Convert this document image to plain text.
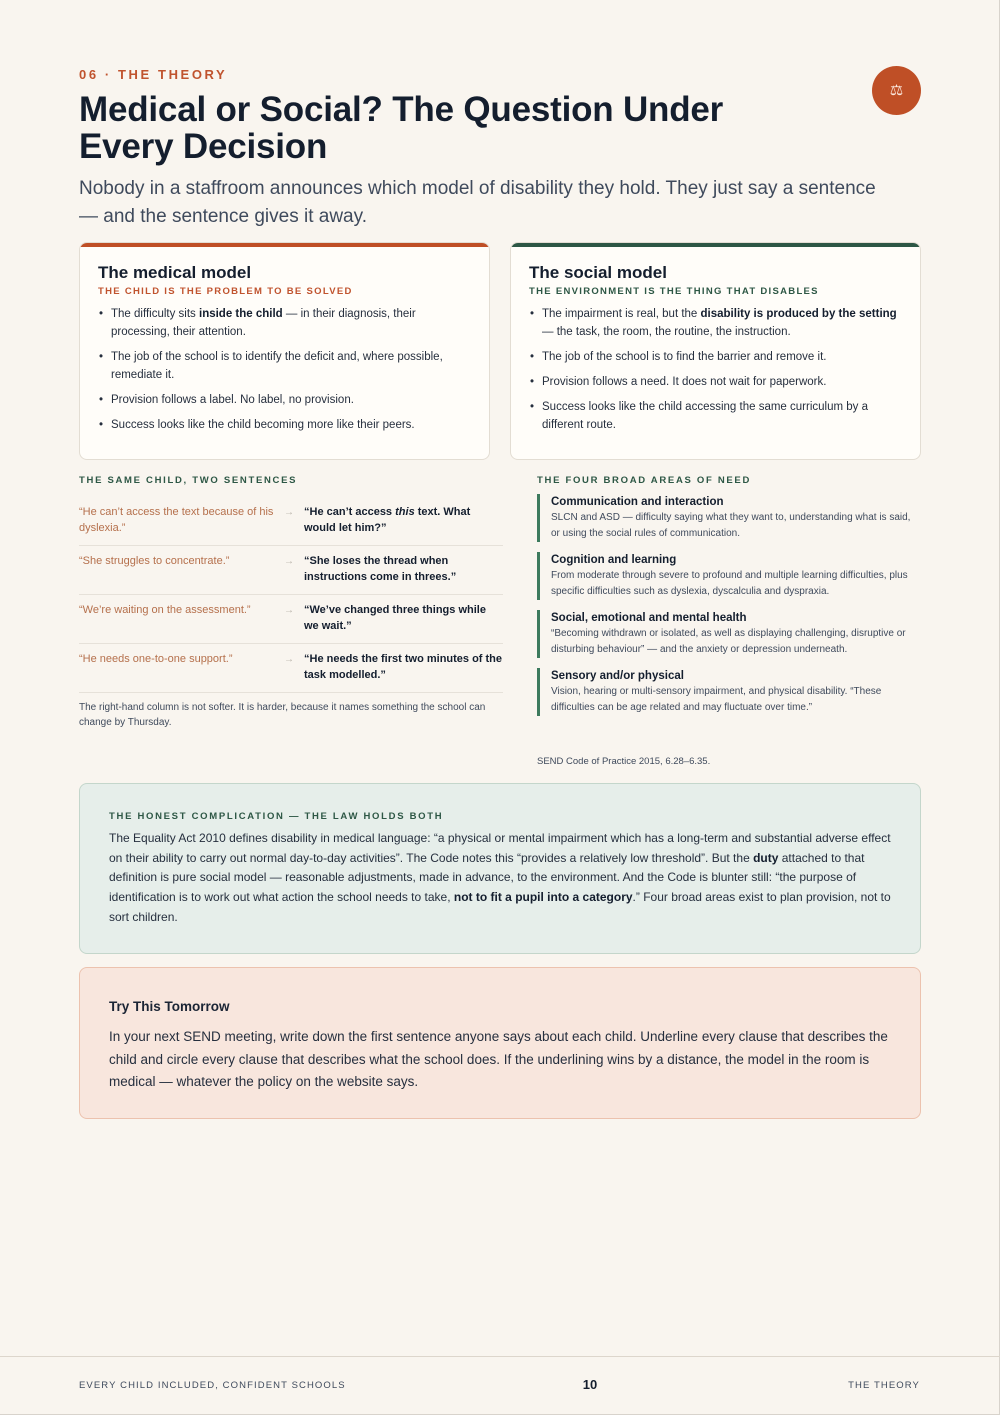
06 · THE THEORY
⚖
Medical or Social? The Question Under Every Decision

Nobody in a staffroom announces which model of disability they hold. They just say a sentence — and the sentence gives it away.

The medical model
THE CHILD IS THE PROBLEM TO BE SOLVED
• The difficulty sits inside the child — in their diagnosis, their processing, their attention.
• The job of the school is to identify the deficit and, where possible, remediate it.
• Provision follows a label. No label, no provision.
• Success looks like the child becoming more like their peers.
The social model
THE ENVIRONMENT IS THE THING THAT DISABLES
• The impairment is real, but the disability is produced by the setting — the task, the room, the routine, the instruction.
• The job of the school is to find the barrier and remove it.
• Provision follows a need. It does not wait for paperwork.
• Success looks like the child accessing the same curriculum by a different route.
THE SAME CHILD, TWO SENTENCES
“He can’t access the text because of his dyslexia.”
→ “He can’t access this text. What would let him?”
“She struggles to concentrate.”	→ “She loses the thread when instructions come in threes.”
“We’re waiting on the assessment.”	→ “We’ve changed three things while we wait.”
“He needs one-to-one support.”	→ “He needs the first two minutes of the task modelled.”

The right-hand column is not softer. It is harder, because it names something the school can change by Thursday.

THE FOUR BROAD AREAS OF NEED
Communication and interaction
SLCN and ASD — difficulty saying what they want to, understanding what is said, or using the social rules of communication.
Cognition and learning
From moderate through severe to profound and multiple learning difficulties, plus specific difficulties such as dyslexia, dyscalculia and dyspraxia.
Social, emotional and mental health
“Becoming withdrawn or isolated, as well as displaying challenging, disruptive or disturbing behaviour” — and the anxiety or depression underneath.
Sensory and/or physical
Vision, hearing or multi-sensory impairment, and physical disability. “These difficulties can be age related and may fluctuate over time.”
SEND Code of Practice 2015, 6.28–6.35.
THE HONEST COMPLICATION — THE LAW HOLDS BOTH

The Equality Act 2010 defines disability in medical language: “a physical or mental impairment which has a long-term and substantial adverse effect on their ability to carry out normal day-to-day activities”. The Code notes this “provides a relatively low threshold”. But the duty attached to that definition is pure social model — reasonable adjustments, made in advance, to the environment. And the Code is blunter still: “the purpose of identification is to work out what action the school needs to take, not to fit a pupil into a category.” Four broad areas exist to plan provision, not to sort children.

Try This Tomorrow

In your next SEND meeting, write down the first sentence anyone says about each child. Underline every clause that describes the child and circle every clause that describes what the school does. If the underlining wins by a distance, the model in the room is medical — whatever the policy on the website says.

EVERY CHILD INCLUDED, CONFIDENT SCHOOLS	10	THE THEORY
